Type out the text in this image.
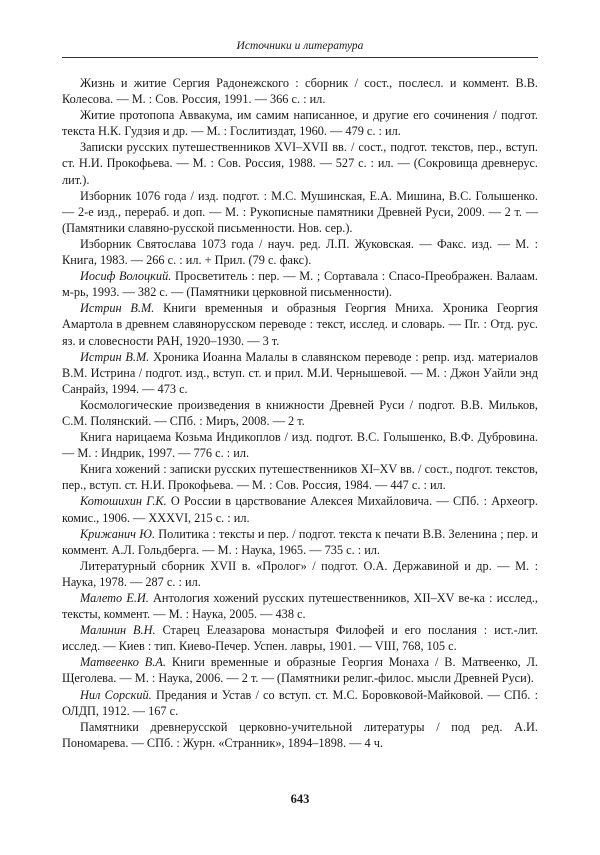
Источники и литература

Жизнь и житие Сергия Радонежского : сборник / сост., послесл. и коммент. В.В. Колесова. — М. : Сов. Россия, 1991. — 366 с. : ил.

Житие протопопа Аввакума, им самим написанное, и другие его сочинения / подгот. текста Н.К. Гудзия и др. — М. : Гослитиздат, 1960. — 479 с. : ил.

Записки русских путешественников XVI–XVII вв. / сост., подгот. текстов, пер., вступ. ст. Н.И. Прокофьева. — М. : Сов. Россия, 1988. — 527 с. : ил. — (Сокровища древнерус. лит.).

Изборник 1076 года / изд. подгот. : М.С. Мушинская, Е.А. Мишина, В.С. Голышенко. — 2-е изд., перераб. и доп. — М. : Рукописные памятники Древней Руси, 2009. — 2 т. — (Памятники славяно-русской письменности. Нов. сер.).

Изборник Святослава 1073 года / науч. ред. Л.П. Жуковская. — Факс. изд. — М. : Книга, 1983. — 266 с. : ил. + Прил. (79 с. факс).

Иосиф Волоцкий. Просветитель : пер. — М. ; Сортавала : Спасо-Преображен. Валаам. м-рь, 1993. — 382 с. — (Памятники церковной письменности).

Истрин В.М. Книги временныя и образныя Георгия Мниха. Хроника Георгия Амартола в древнем славянорусском переводе : текст, исслед. и словарь. — Пг. : Отд. рус. яз. и словесности РАН, 1920–1930. — 3 т.

Истрин В.М. Хроника Иоанна Малалы в славянском переводе : репр. изд. материалов В.М. Истрина / подгот. изд., вступ. ст. и прил. М.И. Чернышевой. — М. : Джон Уайли энд Санрайз, 1994. — 473 с.

Космологические произведения в книжности Древней Руси / подгот. В.В. Мильков, С.М. Полянский. — СПб. : Миръ, 2008. — 2 т.

Книга нарицаема Козьма Индикоплов / изд. подгот. В.С. Голышенко, В.Ф. Дубровина. — М. : Индрик, 1997. — 776 с. : ил.

Книга хожений : записки русских путешественников XI–XV вв. / сост., подгот. текстов, пер., вступ. ст. Н.И. Прокофьева. — М. : Сов. Россия, 1984. — 447 с. : ил.

Котошихин Г.К. О России в царствование Алексея Михайловича. — СПб. : Археогр. комис., 1906. — XXXVI, 215 с. : ил.

Крижанич Ю. Политика : тексты и пер. / подгот. текста к печати В.В. Зеленина ; пер. и коммент. А.Л. Гольдберга. — М. : Наука, 1965. — 735 с. : ил.

Литературный сборник XVII в. «Пролог» / подгот. О.А. Державиной и др. — М. : Наука, 1978. — 287 с. : ил.

Малето Е.И. Антология хожений русских путешественников, XII–XV ве-ка : исслед., тексты, коммент. — М. : Наука, 2005. — 438 с.

Малинин В.Н. Старец Елеазарова монастыря Филофей и его послания : ист.-лит. исслед. — Киев : тип. Киево-Печер. Успен. лавры, 1901. — VIII, 768, 105 с.

Матвеенко В.А. Книги временные и образные Георгия Монаха / В. Матвеенко, Л. Щеголева. — М. : Наука, 2006. — 2 т. — (Памятники религ.-филос. мысли Древней Руси).

Нил Сорский. Предания и Устав / со вступ. ст. М.С. Боровковой-Майковой. — СПб. : ОЛДП, 1912. — 167 с.

Памятники древнерусской церковно-учительной литературы / под ред. А.И. Пономарева. — СПб. : Журн. «Странник», 1894–1898. — 4 ч.

643
